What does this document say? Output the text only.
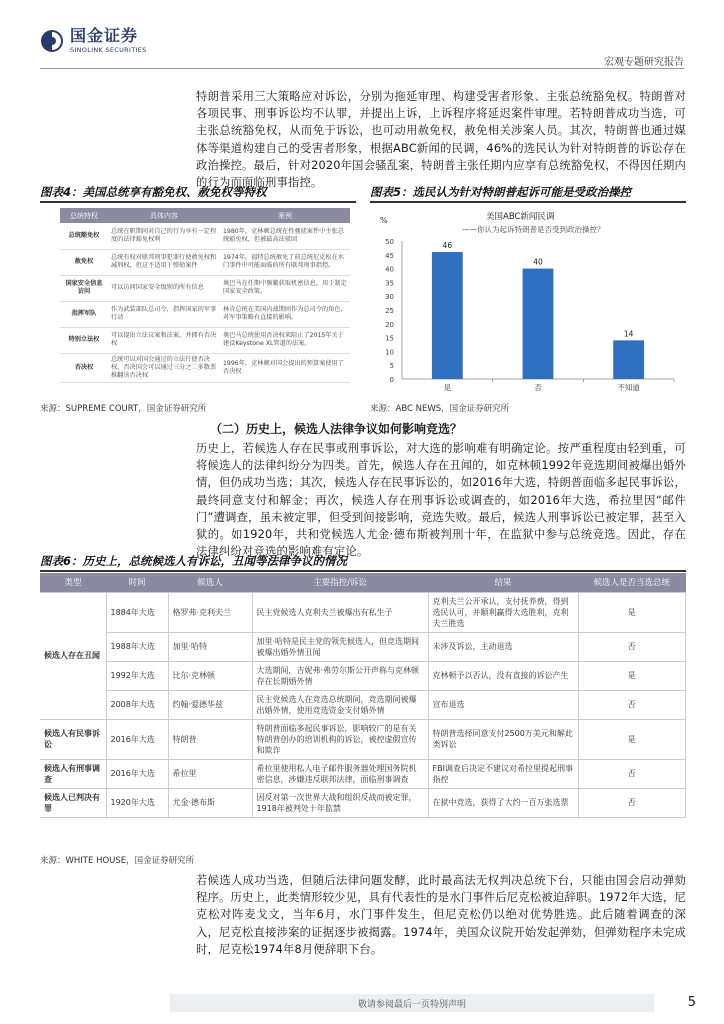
国金证券
SINOLINK SECURITIES
宏观专题研究报告
特朗普采用三大策略应对诉讼，分别为拖延审理、构建受害者形象、主张总统豁免权。特朗普对各项民事、刑事诉讼均不认罪，并提出上诉，上诉程序将延迟案件审理。若特朗普成功当选，可主张总统豁免权，从而免于诉讼，也可动用赦免权，赦免相关涉案人员。其次，特朗普也通过媒体等渠道构建自己的受害者形象，根据ABC新闻的民调，46%的选民认为针对特朗普的诉讼存在政治操控。最后，针对2020年国会骚乱案，特朗普主张任期内应享有总统豁免权，不得因任期内的行为而面临刑事指控。
图表4：美国总统享有豁免权、赦免权等特权	图表5：选民认为针对特朗普起诉可能是受政治操控
总统特权	具体内容	案例
总统豁免权	总统在职期间对自己的行为享有一定程度的法律豁免权利	1980年，克林顿总统在性骚扰案件中主张总统豁免权，但被最高法驳回
赦免权	总统有权对联邦刑事犯罪行使赦免权和减刑权，但这不适用于弹劾案件	1974年，福特总统赦免了前总统尼克松在水门事件中可能面临的所有联邦刑事指控。
国家安全信息访问	可以访问国家安全级别的所有信息	奥巴马在任期中频繁获取机密信息，用于制定国家安全政策。
指挥军队	作为武装部队总司令，指挥国家的军事行动	林肯总统在美国内战期间作为总司令的角色，对军事策略有直接的影响。
特别立法权	可以提出立法议案和法案，并拥有否决权	奥巴马总统使用否决权来阻止了2015年关于建设Keystone XL管道的法案。
否决权	总统可以对国会通过的立法行使否决权，否决国会可以通过三分之二多数票推翻该否决权	1996年，克林顿对国会提出的预算案使用了否决权
%	美国ABC新闻民调
——你认为起诉特朗普是否受到政治操控？
0
5
10
15
20
25
30
35
40
45
50	46
是
40
否
14
不知道
来源：SUPREME COURT，国金证券研究所	来源：ABC NEWS，国金证券研究所
（二）历史上，候选人法律争议如何影响竞选？
历史上，若候选人存在民事或刑事诉讼，对大选的影响难有明确定论。按严重程度由轻到重，可将候选人的法律纠纷分为四类。首先，候选人存在丑闻的，如克林顿1992年竞选期间被爆出婚外情，但仍成功当选；其次，候选人存在民事诉讼的，如2016年大选，特朗普面临多起民事诉讼，最终同意支付和解金；再次，候选人存在刑事诉讼或调查的，如2016年大选，希拉里因“邮件门”遭调查，虽未被定罪，但受到间接影响，竞选失败。最后，候选人刑事诉讼已被定罪，甚至入狱的。如1920年，共和党候选人尤金·德布斯被判刑十年，在监狱中参与总统竞选。因此，存在法律纠纷对竞选的影响难有定论。
图表6：历史上，总统候选人有诉讼，丑闻等法律争议的情况
类型	时间	候选人	主要指控/诉讼	结果	候选人是否当选总统
候选人存在丑闻	1884年大选	格罗弗·克利夫兰	民主党候选人克利夫兰被爆出有私生子	克利夫兰公开承认，支付抚养费，得到选民认可，并顺利赢得大选胜利，克利夫兰胜选	是
	1988年大选	加里·哈特	加里·哈特是民主党的领先候选人，但竞选期间被爆出婚外情丑闻	未涉及诉讼，主动退选	否
	1992年大选	比尔·克林顿	大选期间，吉妮弗·弗劳尔斯公开声称与克林顿存在长期婚外情	克林顿予以否认，没有直接的诉讼产生	是
	2008年大选	约翰·爱德华兹	民主党候选人在竞选总统期间，竞选期间被爆出婚外情，使用竞选资金支付婚外情	宣布退选	否
候选人有民事诉讼	2016年大选	特朗普	特朗普面临多起民事诉讼，影响较广的是有关特朗普创办的培训机构的诉讼，被控虚假宣传和欺诈	特朗普选择同意支付2500万美元和解此类诉讼	是
候选人有刑事调查	2016年大选	希拉里	希拉里使用私人电子邮件服务器处理国务院机密信息，涉嫌违反联邦法律，面临刑事调查	FBI调查后决定不建议对希拉里提起刑事指控	否
候选人已判决有罪	1920年大选	尤金·德布斯	因反对第一次世界大战和组织反战而被定罪，1918年被判处十年监禁	在狱中竞选，获得了大约一百万张选票	否
来源：WHITE HOUSE，国金证券研究所
若候选人成功当选，但随后法律问题发酵，此时最高法无权判决总统下台，只能由国会启动弹劾程序。历史上，此类情形较少见，具有代表性的是水门事件后尼克松被迫辞职。1972年大选，尼克松对阵麦戈文，当年6月，水门事件发生，但尼克松仍以绝对优势胜选。此后随着调查的深入，尼克松直接涉案的证据逐步被揭露。1974年，美国众议院开始发起弹劾，但弹劾程序未完成时，尼克松1974年8月便辞职下台。
敬请参阅最后一页特别声明	5
